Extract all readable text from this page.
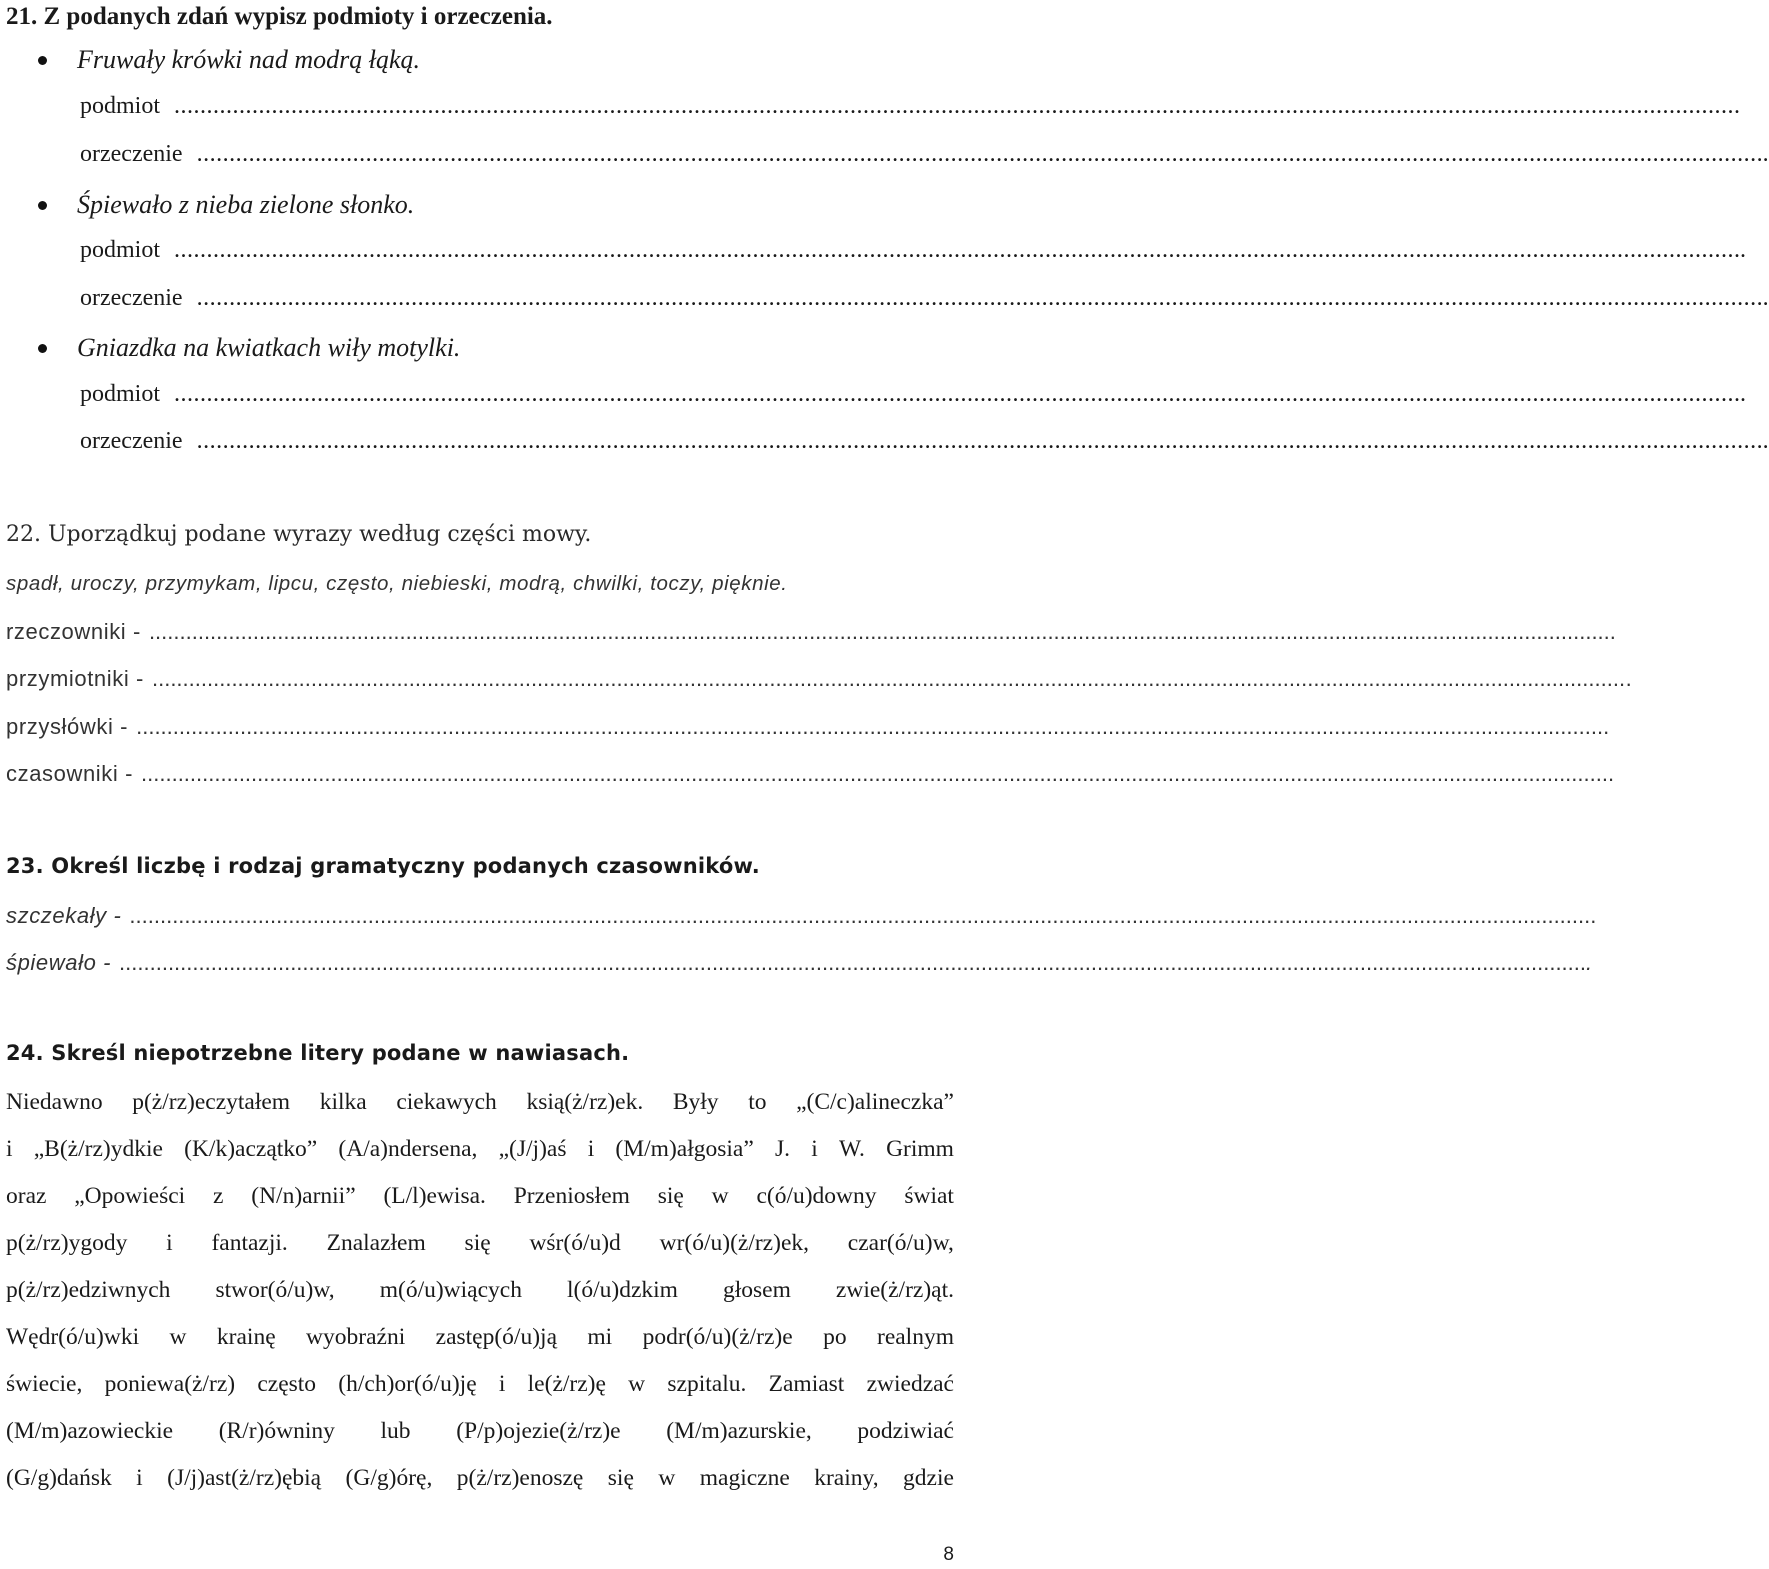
21. Z podanych zdań wypisz podmioty i orzeczenia.
Fruwały krówki nad modrą łąką.
podmiot ................................................................................................................................................................................................................................................ .
orzeczenie ................................................................................................................................................................................................................................................ ..
Śpiewało z nieba zielone słonko.
podmiot ................................................................................................................................................................................................................................................ ..
orzeczenie ................................................................................................................................................................................................................................................ ..
Gniazdka na kwiatkach wiły motylki.
podmiot ................................................................................................................................................................................................................................................ ..
orzeczenie ................................................................................................................................................................................................................................................ ..
22. Uporządkuj podane wyrazy według części mowy.
spadł, uroczy, przymykam, lipcu, często, niebieski, modrą, chwilki, toczy, pięknie.
rzeczowniki - ................................................................................................................................................................................................................................................
przymiotniki - ................................................................................................................................................................................................................................................ ..
przysłówki - ................................................................................................................................................................................................................................................ .
czasowniki - ................................................................................................................................................................................................................................................ .
23. Określ liczbę i rodzaj gramatyczny podanych czasowników.
szczekały - ................................................................................................................................................................................................................................................
śpiewało - ................................................................................................................................................................................................................................................ .
24. Skreśl niepotrzebne litery podane w nawiasach.
Niedawno p(ż/rz)eczytałem kilka ciekawych ksią(ż/rz)ek. Były to „(C/c)alineczka”
i „B(ż/rz)ydkie (K/k)aczątko” (A/a)ndersena, „(J/j)aś i (M/m)ałgosia” J. i W. Grimm
oraz „Opowieści z (N/n)arnii” (L/l)ewisa. Przeniosłem się w c(ó/u)downy świat
p(ż/rz)ygody i fantazji. Znalazłem się wśr(ó/u)d wr(ó/u)(ż/rz)ek, czar(ó/u)w,
p(ż/rz)edziwnych stwor(ó/u)w, m(ó/u)wiących l(ó/u)dzkim głosem zwie(ż/rz)ąt.
Wędr(ó/u)wki w krainę wyobraźni zastęp(ó/u)ją mi podr(ó/u)(ż/rz)e po realnym
świecie, poniewa(ż/rz) często (h/ch)or(ó/u)ję i le(ż/rz)ę w szpitalu. Zamiast zwiedzać
(M/m)azowieckie (R/r)ówniny lub (P/p)ojezie(ż/rz)e (M/m)azurskie, podziwiać
(G/g)dańsk i (J/j)ast(ż/rz)ębią (G/g)órę, p(ż/rz)enoszę się w magiczne krainy, gdzie
8
